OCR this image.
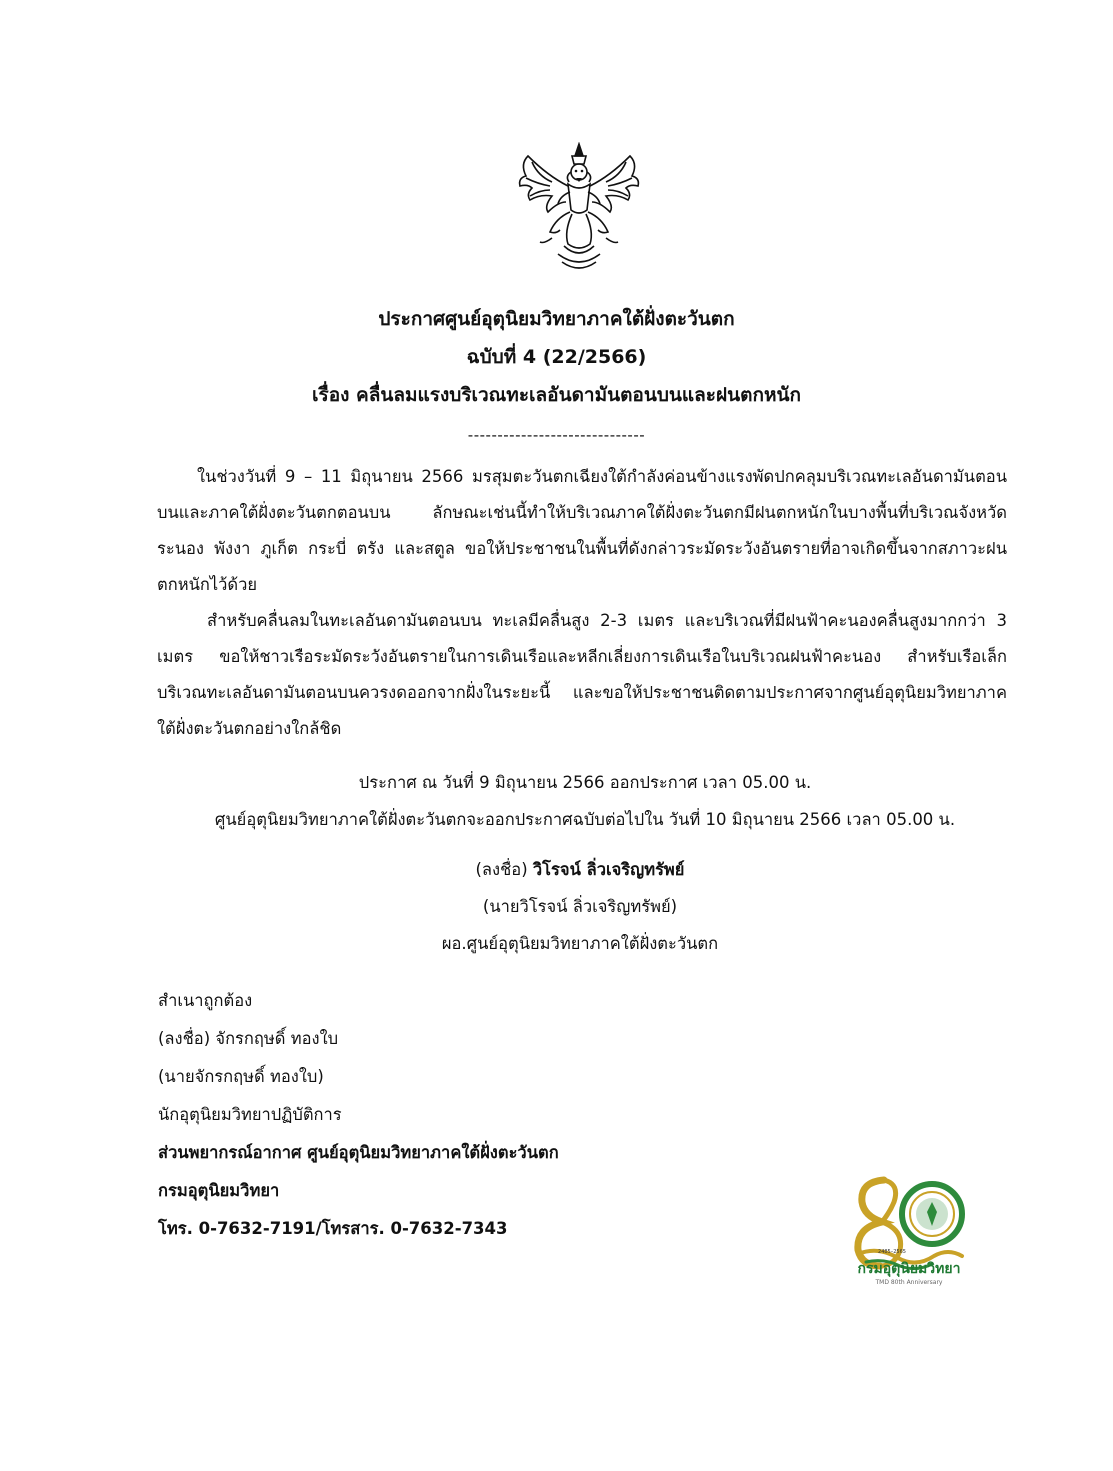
ประกาศศูนย์อุตุนิยมวิทยาภาคใต้ฝั่งตะวันตก
ฉบับที่ 4 (22/2566)
เรื่อง คลื่นลมแรงบริเวณทะเลอันดามันตอนบนและฝนตกหนัก
------------------------------

ในช่วงวันที่ 9 – 11 มิถุนายน 2566 มรสุมตะวันตกเฉียงใต้กำลังค่อนข้างแรงพัดปกคลุมบริเวณทะเลอันดามันตอนบนและภาคใต้ฝั่งตะวันตกตอนบน ลักษณะเช่นนี้ทำให้บริเวณภาคใต้ฝั่งตะวันตกมีฝนตกหนักในบางพื้นที่บริเวณจังหวัดระนอง พังงา ภูเก็ต กระบี่ ตรัง และสตูล ขอให้ประชาชนในพื้นที่ดังกล่าวระมัดระวังอันตรายที่อาจเกิดขึ้นจากสภาวะฝนตกหนักไว้ด้วย

สำหรับคลื่นลมในทะเลอันดามันตอนบน ทะเลมีคลื่นสูง 2-3 เมตร และบริเวณที่มีฝนฟ้าคะนองคลื่นสูงมากกว่า 3 เมตร ขอให้ชาวเรือระมัดระวังอันตรายในการเดินเรือและหลีกเลี่ยงการเดินเรือในบริเวณฝนฟ้าคะนอง สำหรับเรือเล็กบริเวณทะเลอันดามันตอนบนควรงดออกจากฝั่งในระยะนี้ และขอให้ประชาชนติดตามประกาศจากศูนย์อุตุนิยมวิทยาภาคใต้ฝั่งตะวันตกอย่างใกล้ชิด

ประกาศ ณ วันที่ 9 มิถุนายน 2566 ออกประกาศ เวลา 05.00 น.
ศูนย์อุตุนิยมวิทยาภาคใต้ฝั่งตะวันตกจะออกประกาศฉบับต่อไปใน วันที่ 10 มิถุนายน 2566 เวลา 05.00 น.
(ลงชื่อ) วิโรจน์ ลิ่วเจริญทรัพย์
(นายวิโรจน์ ลิ่วเจริญทรัพย์)
ผอ.ศูนย์อุตุนิยมวิทยาภาคใต้ฝั่งตะวันตก
สำเนาถูกต้อง
(ลงชื่อ) จักรกฤษดิ์ ทองใบ
(นายจักรกฤษดิ์ ทองใบ)
นักอุตุนิยมวิทยาปฏิบัติการ
ส่วนพยากรณ์อากาศ ศูนย์อุตุนิยมวิทยาภาคใต้ฝั่งตะวันตก
กรมอุตุนิยมวิทยา
โทร. 0-7632-7191/โทรสาร. 0-7632-7343
2485–2565
กรมอุตุนิยมวิทยา
TMD 80th Anniversary
